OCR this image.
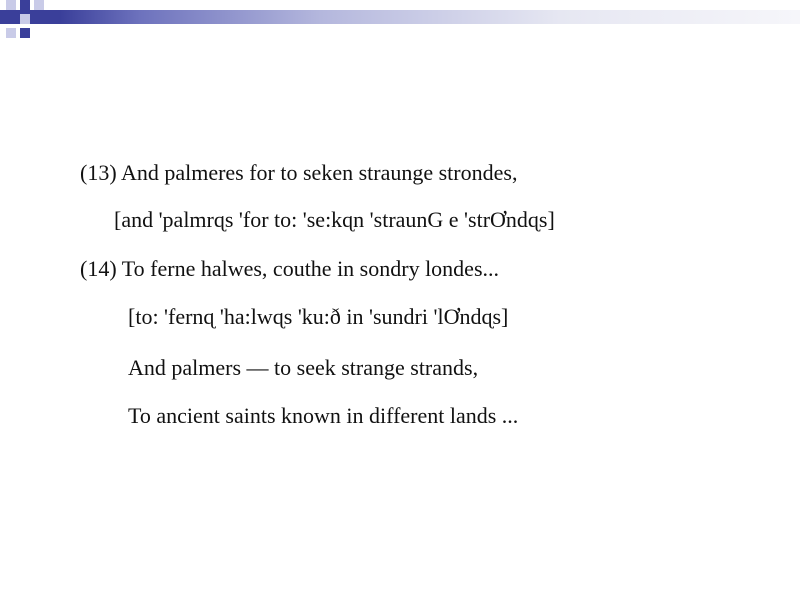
(13) And palmeres for to seken straunge strondes,
[and 'palmrɋs 'for to: 'se:kɋn 'straunG e 'strƠndɋs]
(14) To ferne halwes, couthe in sondry londes...
[to: 'fernɋ 'ha:lwɋs 'ku:ð in 'sundri 'lƠndɋs]
And palmers — to seek strange strands,
To ancient saints known in different lands ...
